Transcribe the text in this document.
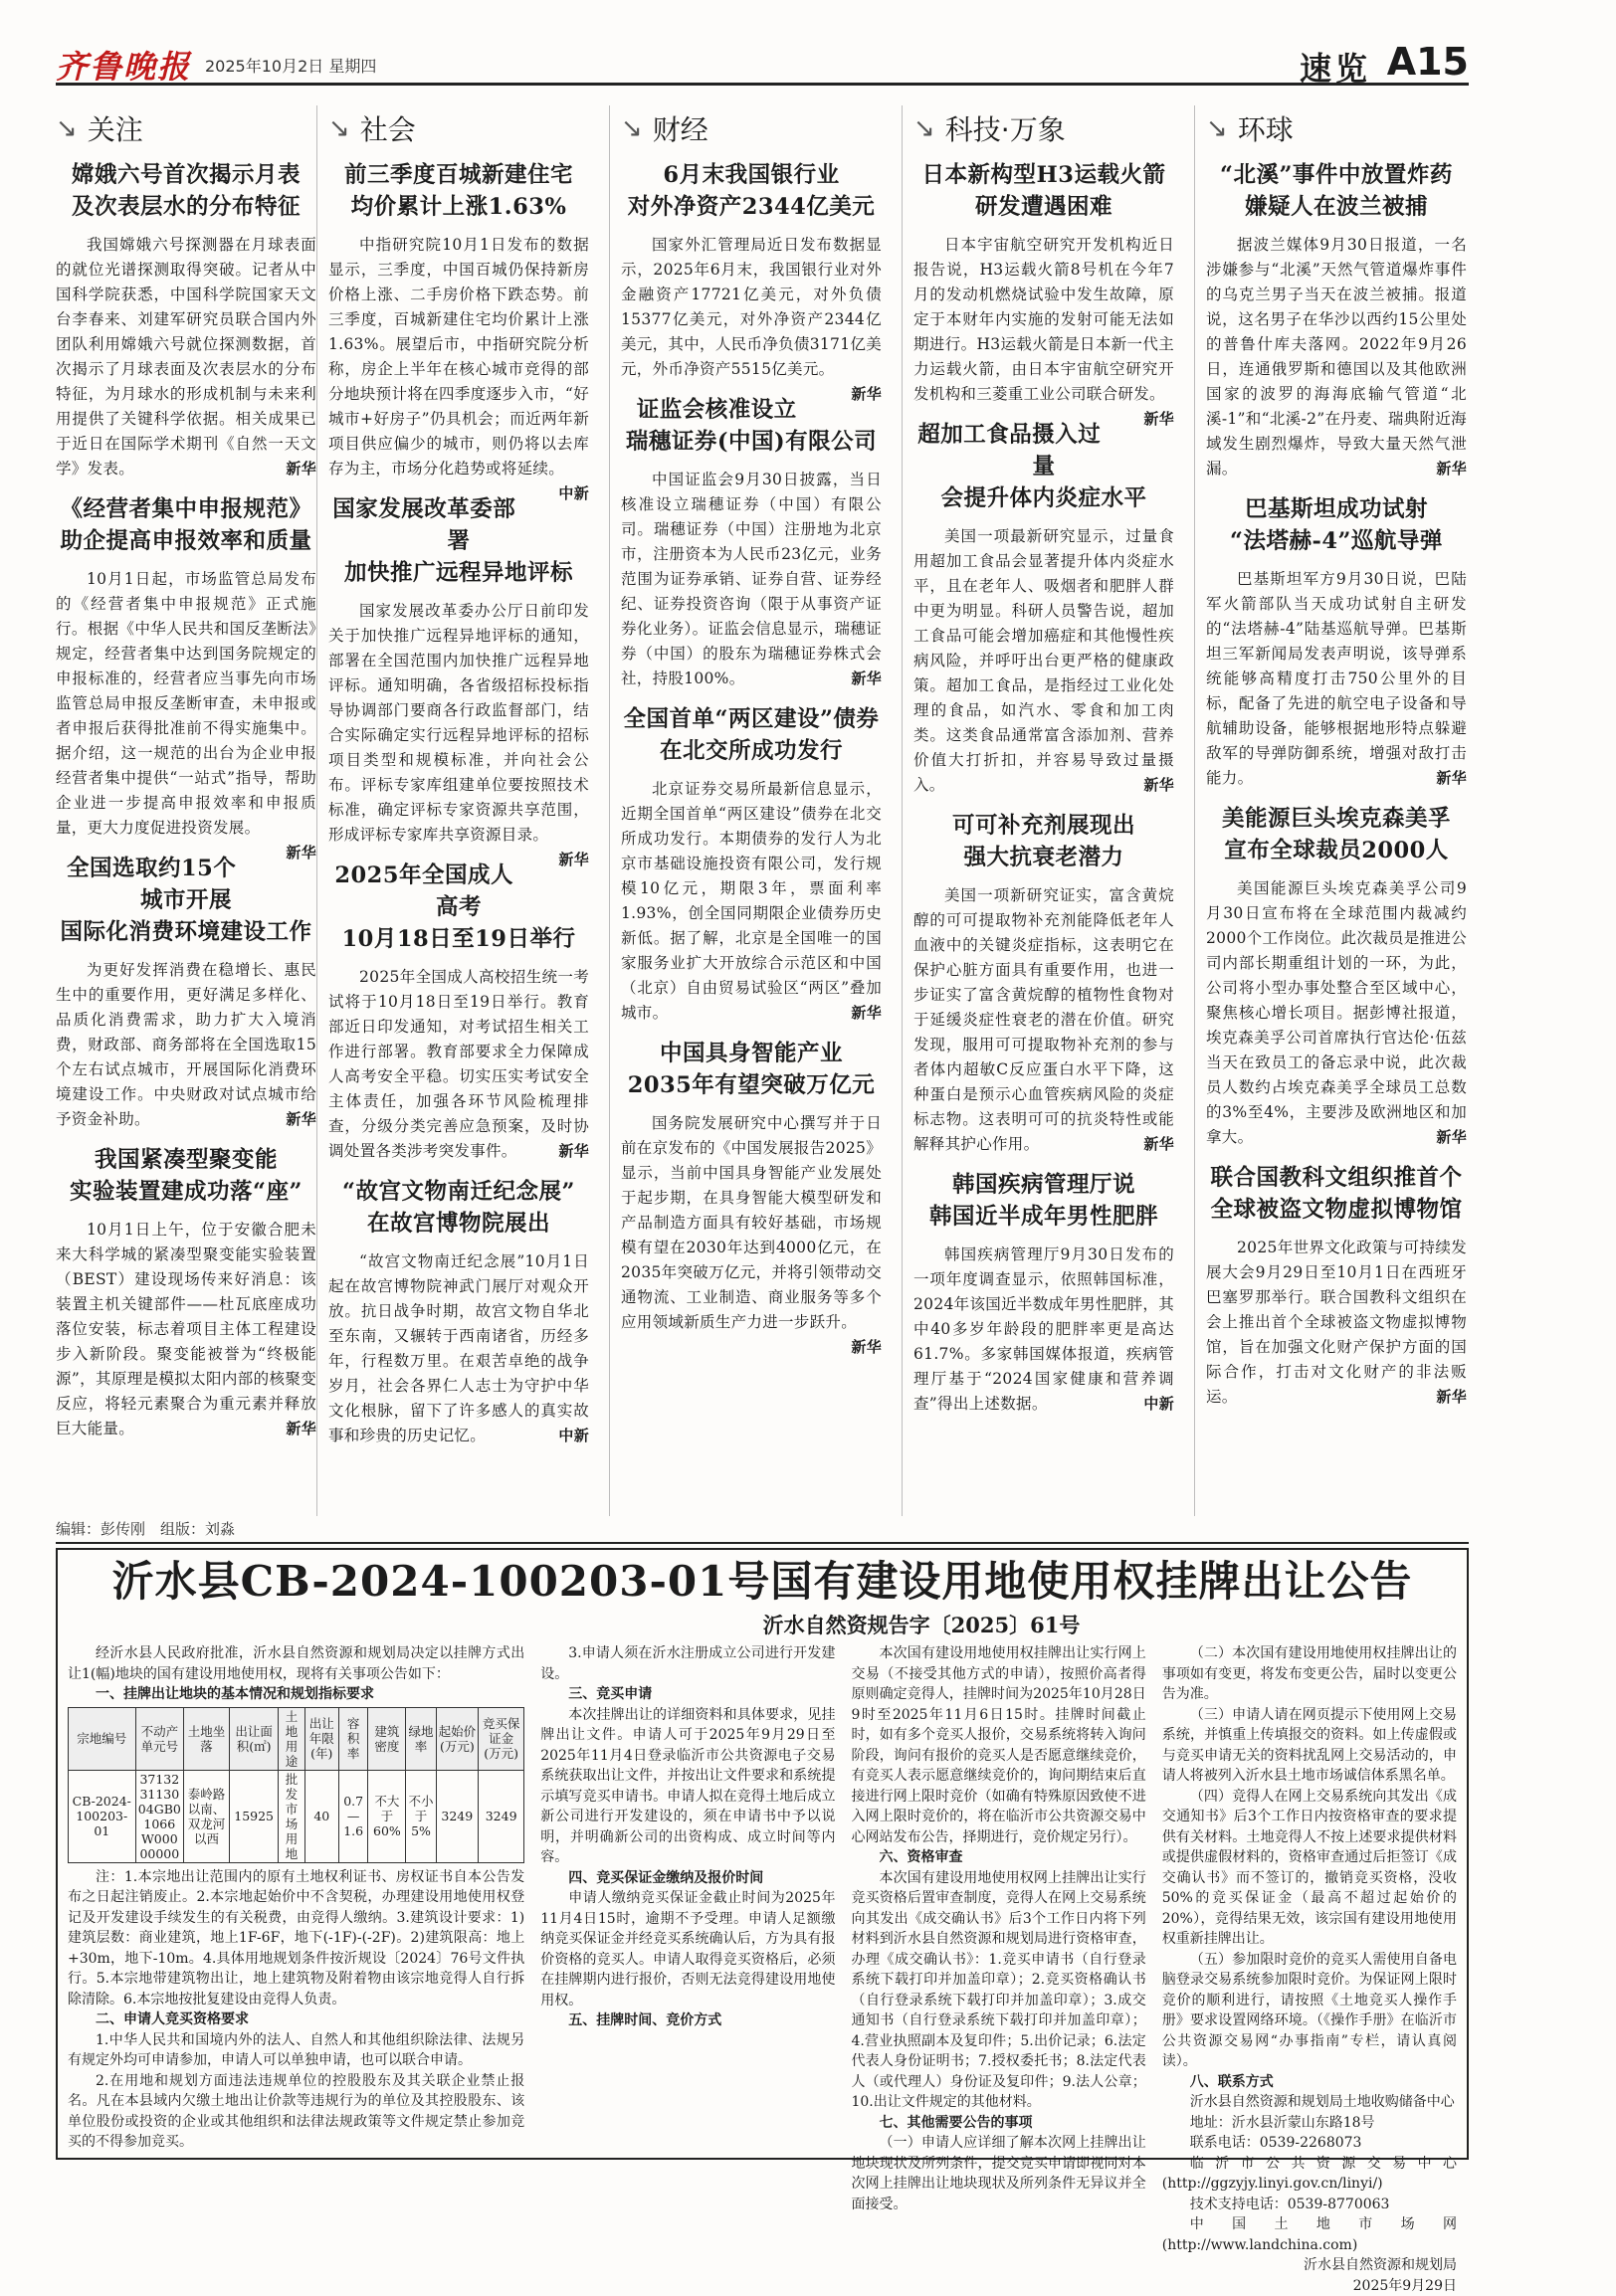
齐鲁晚报 2025年10月2日 星期四	速览 A15
↘ 关注
嫦娥六号首次揭示月表
及次表层水的分布特征
我国嫦娥六号探测器在月球表面的就位光谱探测取得突破。记者从中国科学院获悉，中国科学院国家天文台李春来、刘建军研究员联合国内外团队利用嫦娥六号就位探测数据，首次揭示了月球表面及次表层水的分布特征，为月球水的形成机制与未来利用提供了关键科学依据。相关成果已于近日在国际学术期刊《自然一天文学》发表。	新华
《经营者集中申报规范》
助企提高申报效率和质量
10月1日起，市场监管总局发布的《经营者集中申报规范》正式施行。根据《中华人民共和国反垄断法》规定，经营者集中达到国务院规定的申报标准的，经营者应当事先向市场监管总局申报反垄断审查，未申报或者申报后获得批准前不得实施集中。据介绍，这一规范的出台为企业申报经营者集中提供“一站式”指导，帮助企业进一步提高申报效率和申报质量，更大力度促进投资发展。
新华
全国选取约15个城市开展
国际化消费环境建设工作
为更好发挥消费在稳增长、惠民生中的重要作用，更好满足多样化、品质化消费需求，助力扩大入境消费，财政部、商务部将在全国选取15个左右试点城市，开展国际化消费环境建设工作。中央财政对试点城市给予资金补助。	新华
我国紧凑型聚变能
实验装置建成功落“座”
10月1日上午，位于安徽合肥未来大科学城的紧凑型聚变能实验装置（BEST）建设现场传来好消息：该装置主机关键部件——杜瓦底座成功落位安装，标志着项目主体工程建设步入新阶段。聚变能被誉为“终极能源”，其原理是模拟太阳内部的核聚变反应，将轻元素聚合为重元素并释放巨大能量。	新华
↘ 社会
前三季度百城新建住宅
均价累计上涨1.63%
中指研究院10月1日发布的数据显示，三季度，中国百城仍保持新房价格上涨、二手房价格下跌态势。前三季度，百城新建住宅均价累计上涨1.63%。展望后市，中指研究院分析称，房企上半年在核心城市竞得的部分地块预计将在四季度逐步入市，“好城市+好房子”仍具机会；而近两年新项目供应偏少的城市，则仍将以去库存为主，市场分化趋势或将延续。
中新
国家发展改革委部署
加快推广远程异地评标
国家发展改革委办公厅日前印发关于加快推广远程异地评标的通知，部署在全国范围内加快推广远程异地评标。通知明确，各省级招标投标指导协调部门要商各行政监督部门，结合实际确定实行远程异地评标的招标项目类型和规模标准，并向社会公布。评标专家库组建单位要按照技术标准，确定评标专家资源共享范围，形成评标专家库共享资源目录。
新华
2025年全国成人高考
10月18日至19日举行
2025年全国成人高校招生统一考试将于10月18日至19日举行。教育部近日印发通知，对考试招生相关工作进行部署。教育部要求全力保障成人高考安全平稳。切实压实考试安全主体责任，加强各环节风险梳理排查，分级分类完善应急预案，及时协调处置各类涉考突发事件。	新华
“故宫文物南迁纪念展”
在故宫博物院展出
“故宫文物南迁纪念展”10月1日起在故宫博物院神武门展厅对观众开放。抗日战争时期，故宫文物自华北至东南，又辗转于西南诸省，历经多年，行程数万里。在艰苦卓绝的战争岁月，社会各界仁人志士为守护中华文化根脉，留下了许多感人的真实故事和珍贵的历史记忆。	中新
↘ 财经
6月末我国银行业
对外净资产2344亿美元
国家外汇管理局近日发布数据显示，2025年6月末，我国银行业对外金融资产17721亿美元，对外负债15377亿美元，对外净资产2344亿美元，其中，人民币净负债3171亿美元，外币净资产5515亿美元。
新华
证监会核准设立
瑞穗证券(中国)有限公司
中国证监会9月30日披露，当日核准设立瑞穗证券（中国）有限公司。瑞穗证券（中国）注册地为北京市，注册资本为人民币23亿元，业务范围为证券承销、证券自营、证券经纪、证券投资咨询（限于从事资产证券化业务）。证监会信息显示，瑞穗证券（中国）的股东为瑞穗证券株式会社，持股100%。	新华
全国首单“两区建设”债券
在北交所成功发行
北京证券交易所最新信息显示，近期全国首单“两区建设”债券在北交所成功发行。本期债券的发行人为北京市基础设施投资有限公司，发行规模10亿元，期限3年，票面利率1.93%，创全国同期限企业债券历史新低。据了解，北京是全国唯一的国家服务业扩大开放综合示范区和中国（北京）自由贸易试验区“两区”叠加城市。	新华
中国具身智能产业
2035年有望突破万亿元
国务院发展研究中心撰写并于日前在京发布的《中国发展报告2025》显示，当前中国具身智能产业发展处于起步期，在具身智能大模型研发和产品制造方面具有较好基础，市场规模有望在2030年达到4000亿元，在2035年突破万亿元，并将引领带动交通物流、工业制造、商业服务等多个应用领域新质生产力进一步跃升。
新华
↘ 科技·万象
日本新构型H3运载火箭
研发遭遇困难
日本宇宙航空研究开发机构近日报告说，H3运载火箭8号机在今年7月的发动机燃烧试验中发生故障，原定于本财年内实施的发射可能无法如期进行。H3运载火箭是日本新一代主力运载火箭，由日本宇宙航空研究开发机构和三菱重工业公司联合研发。
新华
超加工食品摄入过量
会提升体内炎症水平
美国一项最新研究显示，过量食用超加工食品会显著提升体内炎症水平，且在老年人、吸烟者和肥胖人群中更为明显。科研人员警告说，超加工食品可能会增加癌症和其他慢性疾病风险，并呼吁出台更严格的健康政策。超加工食品，是指经过工业化处理的食品，如汽水、零食和加工肉类。这类食品通常富含添加剂、营养价值大打折扣，并容易导致过量摄入。	新华
可可补充剂展现出
强大抗衰老潜力
美国一项新研究证实，富含黄烷醇的可可提取物补充剂能降低老年人血液中的关键炎症指标，这表明它在保护心脏方面具有重要作用，也进一步证实了富含黄烷醇的植物性食物对于延缓炎症性衰老的潜在价值。研究发现，服用可可提取物补充剂的参与者体内超敏C反应蛋白水平下降，这种蛋白是预示心血管疾病风险的炎症标志物。这表明可可的抗炎特性或能解释其护心作用。	新华
韩国疾病管理厅说
韩国近半成年男性肥胖
韩国疾病管理厅9月30日发布的一项年度调查显示，依照韩国标准，2024年该国近半数成年男性肥胖，其中40多岁年龄段的肥胖率更是高达61.7%。多家韩国媒体报道，疾病管理厅基于“2024国家健康和营养调查”得出上述数据。	中新
↘ 环球
“北溪”事件中放置炸药
嫌疑人在波兰被捕
据波兰媒体9月30日报道，一名涉嫌参与“北溪”天然气管道爆炸事件的乌克兰男子当天在波兰被捕。报道说，这名男子在华沙以西约15公里处的普鲁什库夫落网。2022年9月26日，连通俄罗斯和德国以及其他欧洲国家的波罗的海海底输气管道“北溪-1”和“北溪-2”在丹麦、瑞典附近海域发生剧烈爆炸，导致大量天然气泄漏。	新华
巴基斯坦成功试射
“法塔赫-4”巡航导弹
巴基斯坦军方9月30日说，巴陆军火箭部队当天成功试射自主研发的“法塔赫-4”陆基巡航导弹。巴基斯坦三军新闻局发表声明说，该导弹系统能够高精度打击750公里外的目标，配备了先进的航空电子设备和导航辅助设备，能够根据地形特点躲避敌军的导弹防御系统，增强对敌打击能力。	新华
美能源巨头埃克森美孚
宣布全球裁员2000人
美国能源巨头埃克森美孚公司9月30日宣布将在全球范围内裁减约2000个工作岗位。此次裁员是推进公司内部长期重组计划的一环，为此，公司将小型办事处整合至区域中心，聚焦核心增长项目。据彭博社报道，埃克森美孚公司首席执行官达伦·伍兹当天在致员工的备忘录中说，此次裁员人数约占埃克森美孚全球员工总数的3%至4%，主要涉及欧洲地区和加拿大。	新华
联合国教科文组织推首个
全球被盗文物虚拟博物馆
2025年世界文化政策与可持续发展大会9月29日至10月1日在西班牙巴塞罗那举行。联合国教科文组织在会上推出首个全球被盗文物虚拟博物馆，旨在加强文化财产保护方面的国际合作，打击对文化财产的非法贩运。	新华
编辑：彭传刚　组版：刘淼
沂水县CB-2024-100203-01号国有建设用地使用权挂牌出让公告
沂水自然资规告字〔2025〕61号

经沂水县人民政府批准，沂水县自然资源和规划局决定以挂牌方式出让1(幅)地块的国有建设用地使用权，现将有关事项公告如下：

一、挂牌出让地块的基本情况和规划指标要求

宗地编号	不动产单元号	土地坐落	出让面积(㎡)	土地用途	出让年限(年)	容积率	建筑密度	绿地率	起始价(万元)	竞买保证金(万元)
CB-2024-100203-01	371323113004GB01066W00000000	泰岭路以南、双龙河以西	15925	批发市场用地	40	0.7—1.6	不大于60%	不小于5%	3249	3249

注：1.本宗地出让范围内的原有土地权利证书、房权证书自本公告发布之日起注销废止。2.本宗地起始价中不含契税，办理建设用地使用权登记及开发建设手续发生的有关税费，由竞得人缴纳。3.建筑设计要求：1)建筑层数：商业建筑，地上1F-6F，地下(-1F)-(-2F)。2)建筑限高：地上+30m，地下-10m。4.具体用地规划条件按沂规设〔2024〕76号文件执行。5.本宗地带建筑物出让，地上建筑物及附着物由该宗地竞得人自行拆除清除。6.本宗地按批复建设由竞得人负责。

二、申请人竞买资格要求

1.中华人民共和国境内外的法人、自然人和其他组织除法律、法规另有规定外均可申请参加，申请人可以单独申请，也可以联合申请。

2.在用地和规划方面违法违规单位的控股股东及其关联企业禁止报名。凡在本县域内欠缴土地出让价款等违规行为的单位及其控股股东、该单位股份或投资的企业或其他组织和法律法规政策等文件规定禁止参加竞买的不得参加竞买。

3.申请人须在沂水注册成立公司进行开发建设。

三、竞买申请

本次挂牌出让的详细资料和具体要求，见挂牌出让文件。申请人可于2025年9月29日至2025年11月4日登录临沂市公共资源电子交易系统获取出让文件，并按出让文件要求和系统提示填写竞买申请书。申请人拟在竞得土地后成立新公司进行开发建设的，须在申请书中予以说明，并明确新公司的出资构成、成立时间等内容。

四、竞买保证金缴纳及报价时间

申请人缴纳竞买保证金截止时间为2025年11月4日15时，逾期不予受理。申请人足额缴纳竞买保证金并经竞买系统确认后，方为具有报价资格的竞买人。申请人取得竞买资格后，必须在挂牌期内进行报价，否则无法竞得建设用地使用权。

五、挂牌时间、竞价方式

本次国有建设用地使用权挂牌出让实行网上交易（不接受其他方式的申请），按照价高者得原则确定竞得人，挂牌时间为2025年10月28日9时至2025年11月6日15时。挂牌时间截止时，如有多个竞买人报价，交易系统将转入询问阶段，询问有报价的竞买人是否愿意继续竞价，有竞买人表示愿意继续竞价的，询问期结束后直接进行网上限时竞价（如确有特殊原因致使不进入网上限时竞价的，将在临沂市公共资源交易中心网站发布公告，择期进行，竞价规定另行）。

六、资格审查

本次国有建设用地使用权网上挂牌出让实行竞买资格后置审查制度，竞得人在网上交易系统向其发出《成交确认书》后3个工作日内将下列材料到沂水县自然资源和规划局进行资格审查，办理《成交确认书》：1.竞买申请书（自行登录系统下载打印并加盖印章）；2.竞买资格确认书（自行登录系统下载打印并加盖印章）；3.成交通知书（自行登录系统下载打印并加盖印章）；4.营业执照副本及复印件；5.出价记录；6.法定代表人身份证明书；7.授权委托书；8.法定代表人（或代理人）身份证及复印件；9.法人公章；10.出让文件规定的其他材料。

七、其他需要公告的事项

（一）申请人应详细了解本次网上挂牌出让地块现状及所列条件，提交竞买申请即视同对本次网上挂牌出让地块现状及所列条件无异议并全面接受。

（二）本次国有建设用地使用权挂牌出让的事项如有变更，将发布变更公告，届时以变更公告为准。

（三）申请人请在网页提示下使用网上交易系统，并慎重上传填报交的资料。如上传虚假或与竞买申请无关的资料扰乱网上交易活动的，申请人将被列入沂水县土地市场诚信体系黑名单。

（四）竞得人在网上交易系统向其发出《成交通知书》后3个工作日内按资格审查的要求提供有关材料。土地竞得人不按上述要求提供材料或提供虚假材料的，资格审查通过后拒签订《成交确认书》而不签订的，撤销竞买资格，没收50%的竞买保证金（最高不超过起始价的20%），竞得结果无效，该宗国有建设用地使用权重新挂牌出让。

（五）参加限时竞价的竞买人需使用自备电脑登录交易系统参加限时竞价。为保证网上限时竞价的顺利进行，请按照《土地竞买人操作手册》要求设置网络环境。（《操作手册》在临沂市公共资源交易网“办事指南”专栏，请认真阅读）。

八、联系方式

沂水县自然资源和规划局土地收购储备中心

地址：沂水县沂蒙山东路18号

联系电话：0539-2268073

临沂市公共资源交易中心(http://ggzyjy.linyi.gov.cn/linyi/)

技术支持电话：0539-8770063

中国土地市场网(http://www.landchina.com)

沂水县自然资源和规划局

2025年9月29日
